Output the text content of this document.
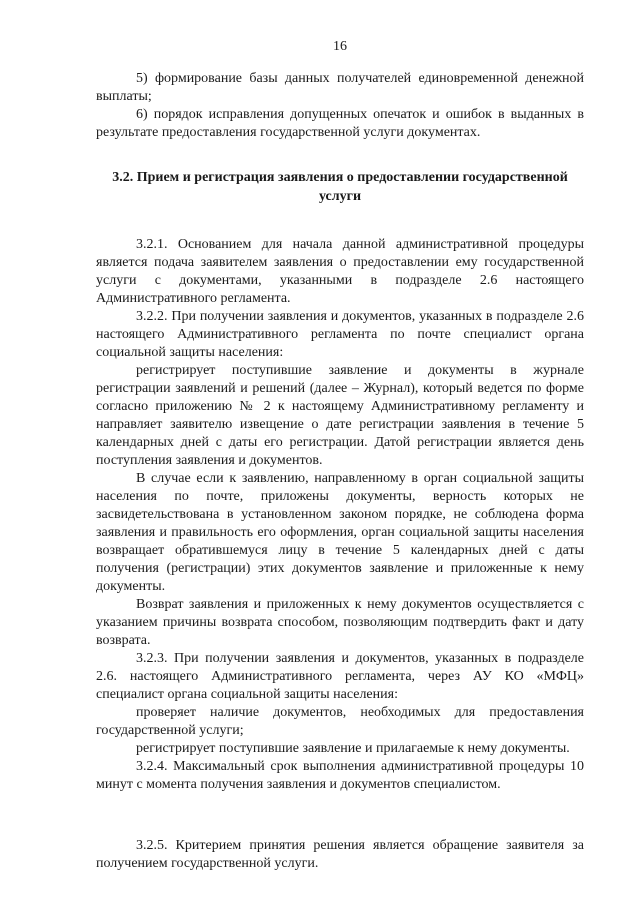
16

5) формирование базы данных получателей единовременной денежной выплаты;

6) порядок исправления допущенных опечаток и ошибок в выданных в результате предоставления государственной услуги документах.

3.2. Прием и регистрация заявления о предоставлении государственной услуги

3.2.1. Основанием для начала данной административной процедуры является подача заявителем заявления о предоставлении ему государственной услуги с документами, указанными в подразделе 2.6 настоящего Административного регламента.

3.2.2. При получении заявления и документов, указанных в подразделе 2.6 настоящего Административного регламента по почте специалист органа социальной защиты населения:

регистрирует поступившие заявление и документы в журнале регистрации заявлений и решений (далее – Журнал), который ведется по форме согласно приложению № 2 к настоящему Административному регламенту и направляет заявителю извещение о дате регистрации заявления в течение 5 календарных дней с даты его регистрации. Датой регистрации является день поступления заявления и документов.

В случае если к заявлению, направленному в орган социальной защиты населения по почте, приложены документы, верность которых не засвидетельствована в установленном законом порядке, не соблюдена форма заявления и правильность его оформления, орган социальной защиты населения возвращает обратившемуся лицу в течение 5 календарных дней с даты получения (регистрации) этих документов заявление и приложенные к нему документы.

Возврат заявления и приложенных к нему документов осуществляется с указанием причины возврата способом, позволяющим подтвердить факт и дату возврата.

3.2.3. При получении заявления и документов, указанных в подразделе 2.6. настоящего Административного регламента, через АУ КО «МФЦ» специалист органа социальной защиты населения:

проверяет наличие документов, необходимых для предоставления государственной услуги;

регистрирует поступившие заявление и прилагаемые к нему документы.

3.2.4. Максимальный срок выполнения административной процедуры 10 минут с момента получения заявления и документов специалистом.

3.2.5. Критерием принятия решения является обращение заявителя за получением государственной услуги.
